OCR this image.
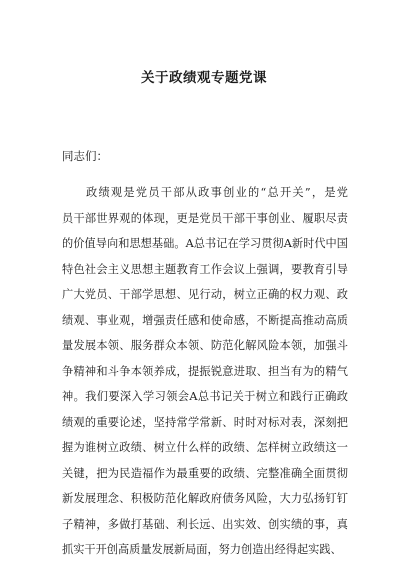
关于政绩观专题党课

同志们：

政绩观是党员干部从政事创业的“总开关”，是党
员干部世界观的体现，更是党员干部干事创业、履职尽责
的价值导向和思想基础。A总书记在学习贯彻A新时代中国
特色社会主义思想主题教育工作会议上强调，要教育引导
广大党员、干部学思想、见行动，树立正确的权力观、政
绩观、事业观，增强责任感和使命感，不断提高推动高质
量发展本领、服务群众本领、防范化解风险本领，加强斗
争精神和斗争本领养成，提振锐意进取、担当有为的精气
神。我们要深入学习领会A总书记关于树立和践行正确政
绩观的重要论述，坚持常学常新、时时对标对表，深刻把
握为谁树立政绩、树立什么样的政绩、怎样树立政绩这一
关键，把为民造福作为最重要的政绩、完整准确全面贯彻
新发展理念、积极防范化解政府债务风险，大力弘扬钉钉
子精神，多做打基础、利长远、出实效、创实绩的事，真
抓实干开创高质量发展新局面，努力创造出经得起实践、
